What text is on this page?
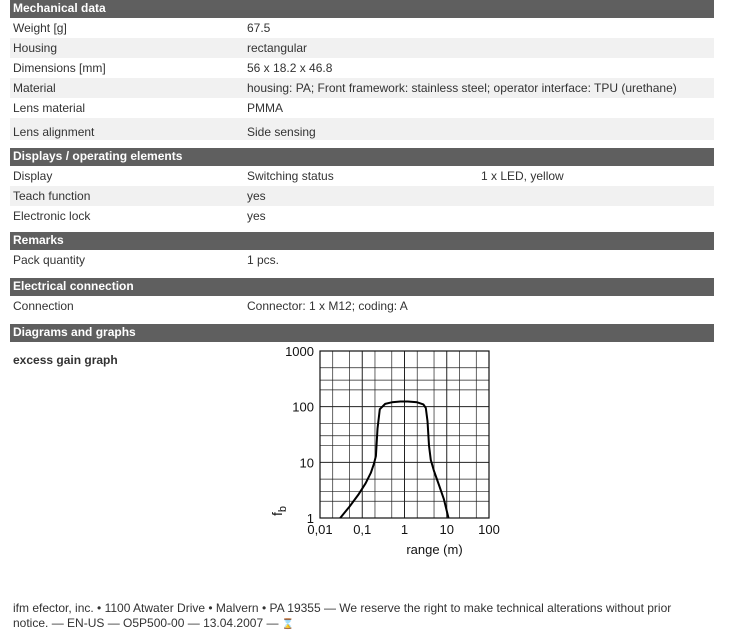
Mechanical data
Weight [g]	67.5
Housing	rectangular
Dimensions [mm]	56 x 18.2 x 46.8
Material	housing: PA; Front framework: stainless steel; operator interface: TPU (urethane)
Lens material	PMMA
Lens alignment	Side sensing
Displays / operating elements
Display	Switching status	1 x LED, yellow
Teach function	yes
Electronic lock	yes
Remarks
Pack quantity	1 pcs.
Electrical connection
Connection	Connector: 1 x M12; coding: A
Diagrams and graphs
excess gain graph
1000
100
10
1
0,01 0,1 1 10 100
range (m)
$f_b$
ifm efector, inc. • 1100 Atwater Drive • Malvern • PA 19355 — We reserve the right to make technical alterations without prior notice. — EN-US — O5P500-00 — 13.04.2007 — ⌛
